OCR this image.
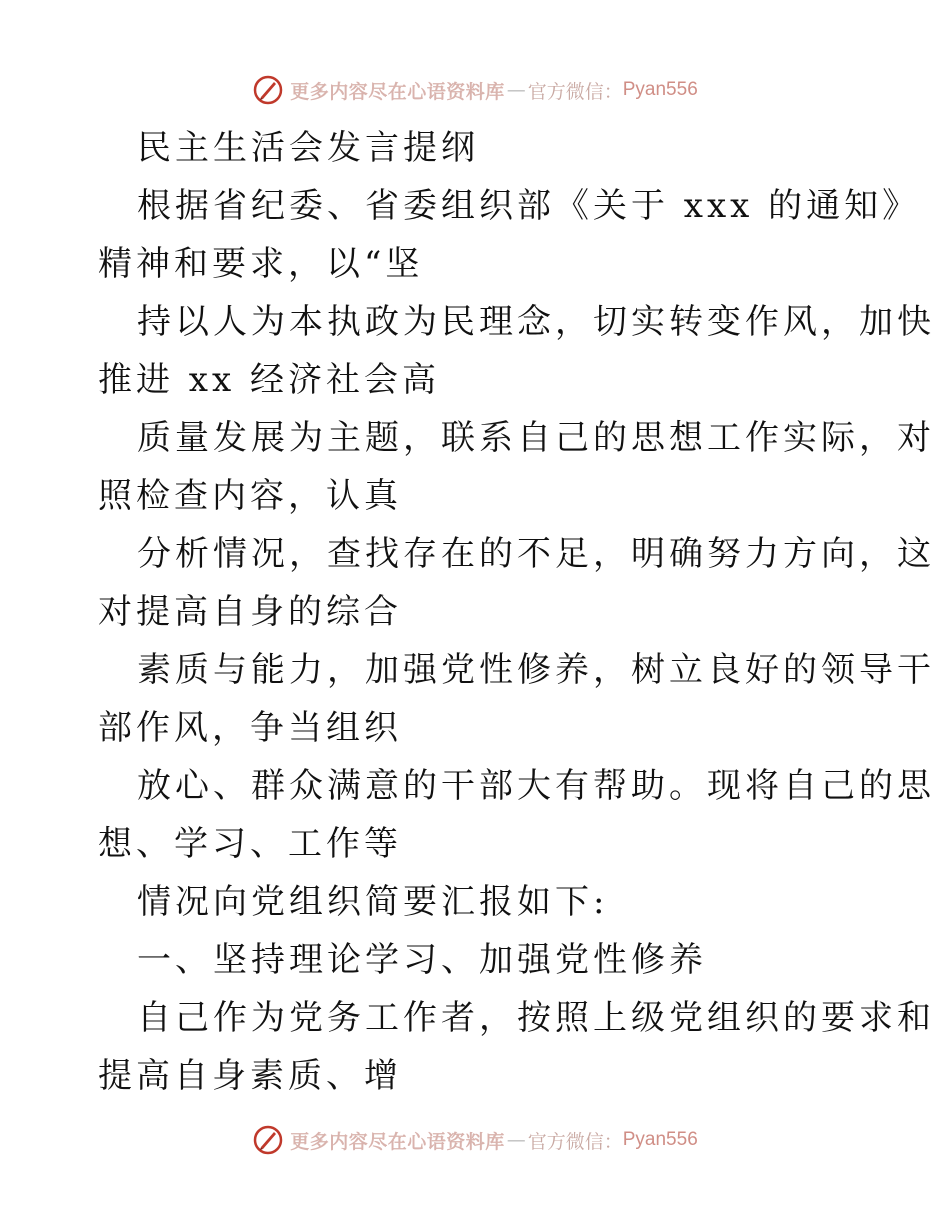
更多内容尽在心语资料库 — 官方微信： Pyan556
民主生活会发言提纲
根据省纪委、省委组织部《关于 xxx 的通知》
精神和要求，以“坚
持以人为本执政为民理念，切实转变作风，加快
推进 xx 经济社会高
质量发展为主题，联系自己的思想工作实际，对
照检查内容，认真
分析情况，查找存在的不足，明确努力方向，这
对提高自身的综合
素质与能力，加强党性修养，树立良好的领导干
部作风，争当组织
放心、群众满意的干部大有帮助。现将自己的思
想、学习、工作等
情况向党组织简要汇报如下:
一、坚持理论学习、加强党性修养
自己作为党务工作者，按照上级党组织的要求和
提高自身素质、增
更多内容尽在心语资料库 — 官方微信： Pyan556
